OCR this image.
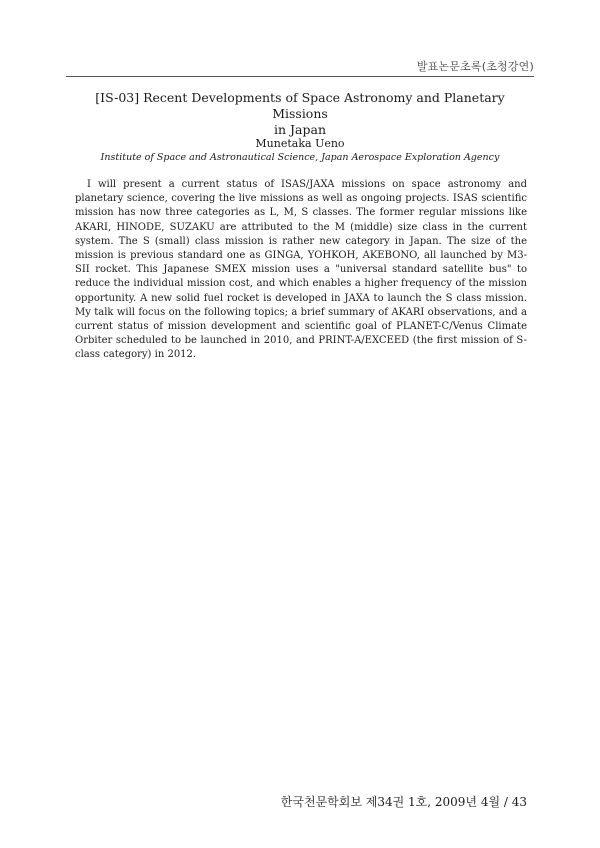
발표논문초록(초청강연)
[IS-03] Recent Developments of Space Astronomy and Planetary Missions
in Japan
Munetaka Ueno
Institute of Space and Astronautical Science, Japan Aerospace Exploration Agency

I will present a current status of ISAS/JAXA missions on space astronomy and planetary science, covering the live missions as well as ongoing projects. ISAS scientific mission has now three categories as L, M, S classes. The former regular missions like AKARI, HINODE, SUZAKU are attributed to the M (middle) size class in the current system. The S (small) class mission is rather new category in Japan. The size of the mission is previous standard one as GINGA, YOHKOH, AKEBONO, all launched by M3-SII rocket. This Japanese SMEX mission uses a "universal standard satellite bus" to reduce the individual mission cost, and which enables a higher frequency of the mission opportunity. A new solid fuel rocket is developed in JAXA to launch the S class mission. My talk will focus on the following topics; a brief summary of AKARI observations, and a current status of mission development and scientific goal of PLANET-C/Venus Climate Orbiter scheduled to be launched in 2010, and PRINT-A/EXCEED (the first mission of S-class category) in 2012.

한국천문학회보 제34권 1호, 2009년 4월 / 43
